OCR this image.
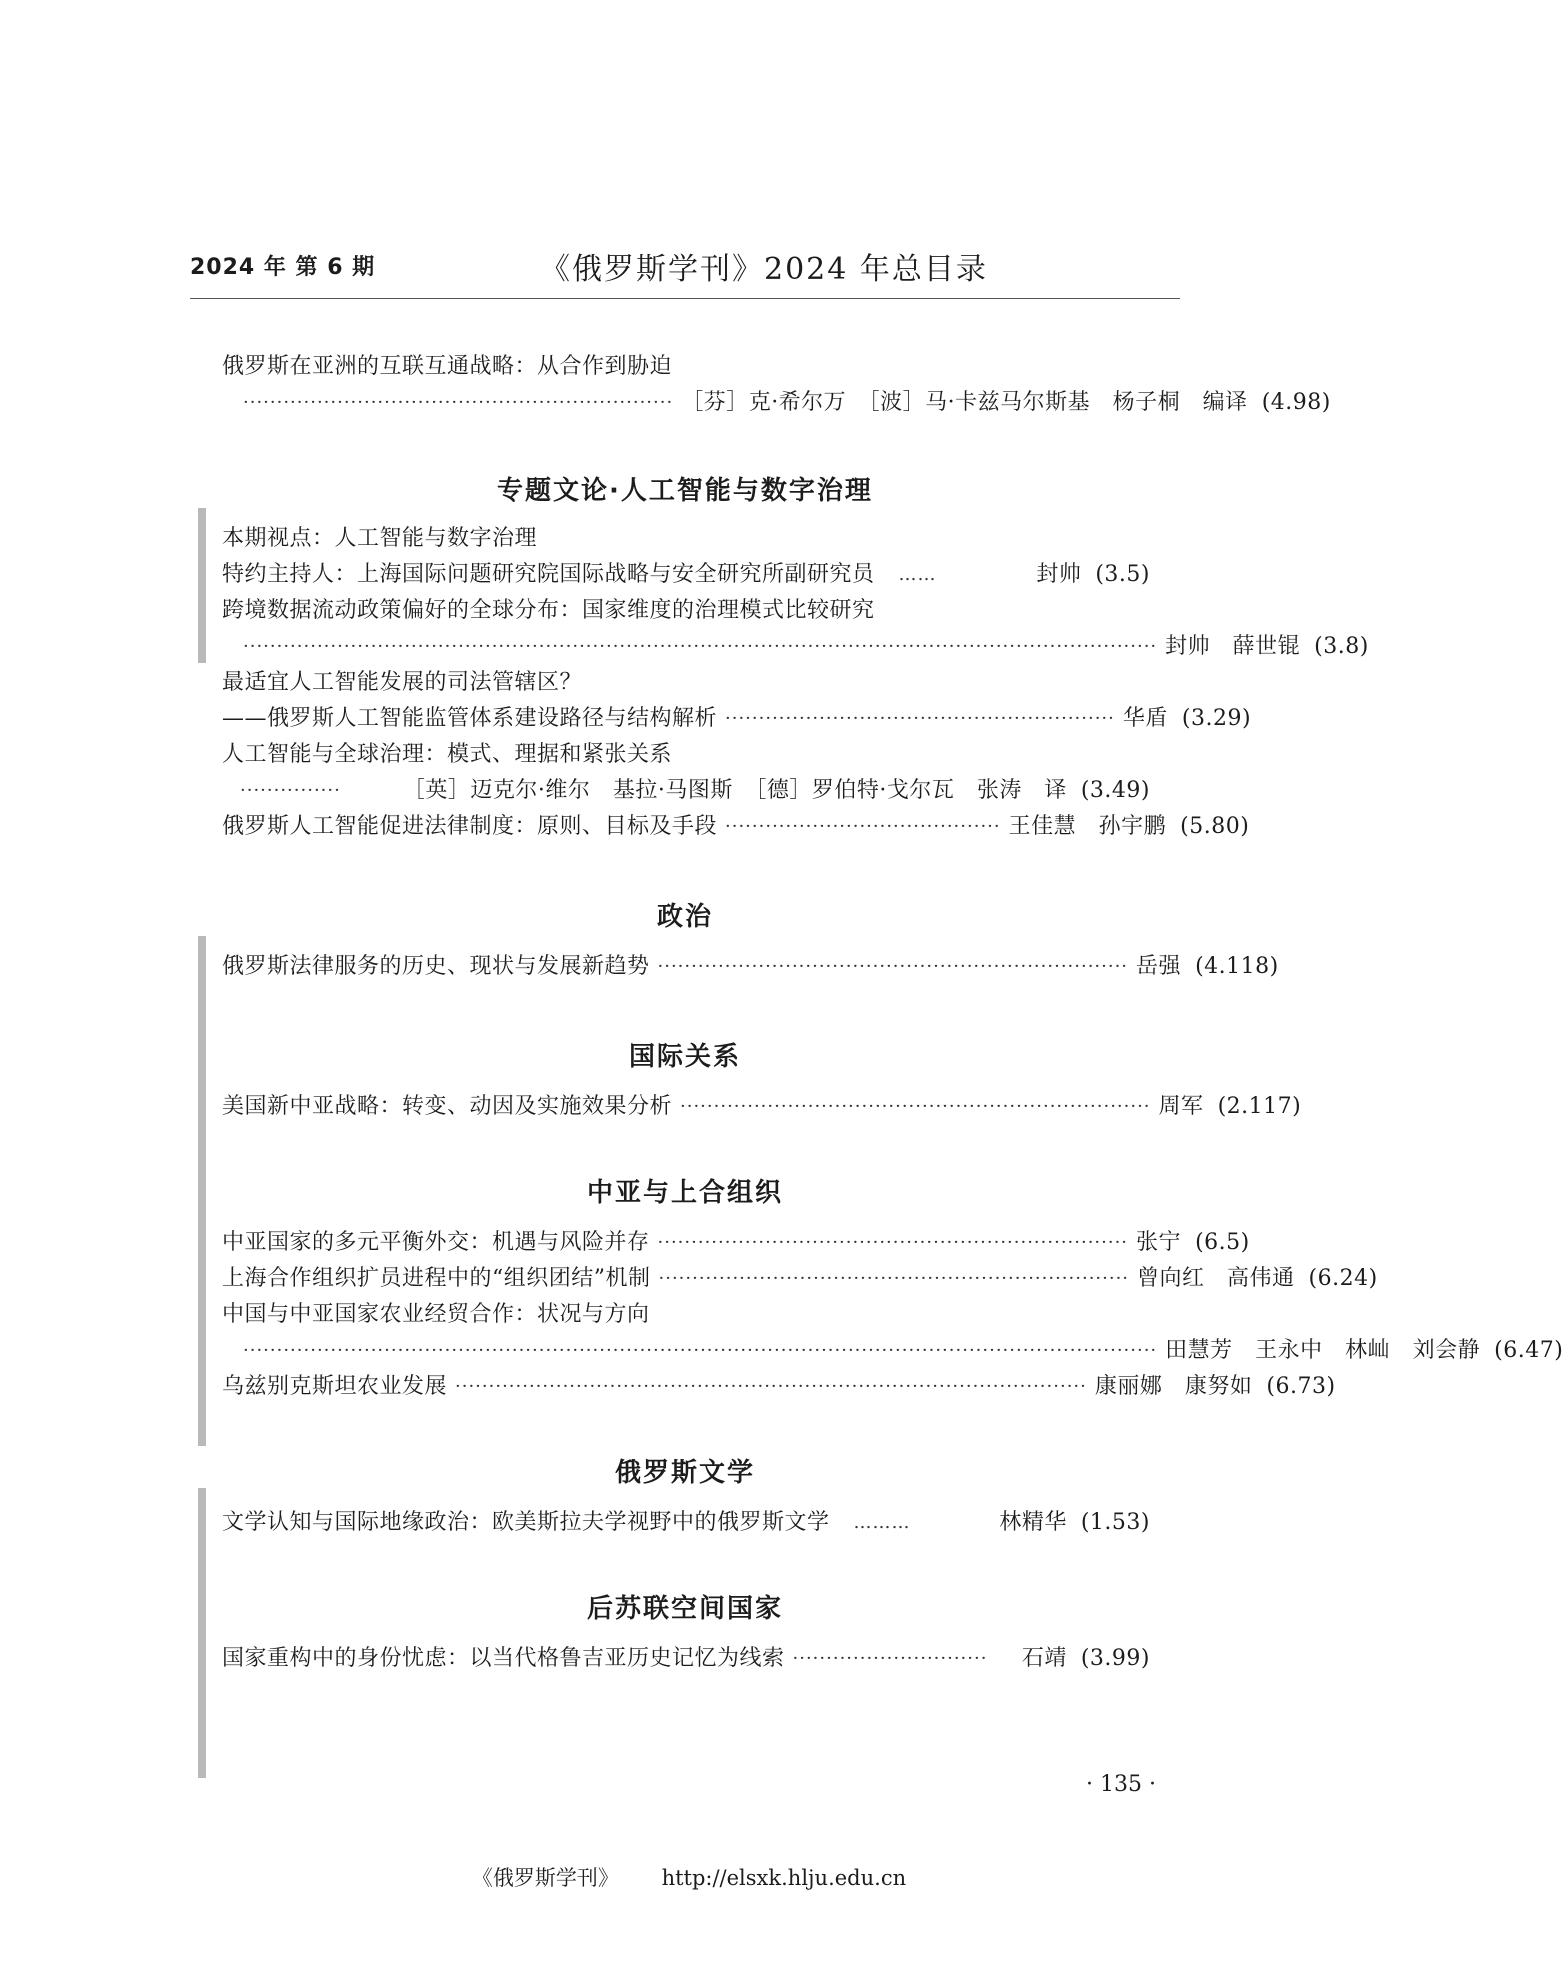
2024 年 第 6 期	《俄罗斯学刊》2024 年总目录
俄罗斯在亚洲的互联互通战略：从合作到胁迫
································································ ［芬］克·希尔万　［波］马·卡兹马尔斯基　杨子桐　编译 (4.98)
专题文论·人工智能与数字治理
本期视点：人工智能与数字治理
特约主持人：上海国际问题研究院国际战略与安全研究所副研究员 ……	封帅 (3.5)
跨境数据流动政策偏好的全球分布：国家维度的治理模式比较研究
········································································································································ 封帅　薛世锟 (3.8)
最适宜人工智能发展的司法管辖区？
——俄罗斯人工智能监管体系建设路径与结构解析 ·························································· 华盾 (3.29)
人工智能与全球治理：模式、理据和紧张关系
···············	［英］迈克尔·维尔　基拉·马图斯　［德］罗伯特·戈尔瓦　张涛　译 (3.49)
俄罗斯人工智能促进法律制度：原则、目标及手段 ········································· 王佳慧　孙宇鹏 (5.80)
政治
俄罗斯法律服务的历史、现状与发展新趋势 ······································································ 岳强 (4.118)
国际关系
美国新中亚战略：转变、动因及实施效果分析 ······································································ 周军 (2.117)
中亚与上合组织
中亚国家的多元平衡外交：机遇与风险并存 ······································································ 张宁 (6.5)
上海合作组织扩员进程中的“组织团结”机制 ······································································ 曾向红　高伟通 (6.24)
中国与中亚国家农业经贸合作：状况与方向
········································································································································ 田慧芳　王永中　林屾　刘会静 (6.47)
乌兹别克斯坦农业发展 ······························································································ 康丽娜　康努如 (6.73)
俄罗斯文学
文学认知与国际地缘政治：欧美斯拉夫学视野中的俄罗斯文学 ………	林精华 (1.53)
后苏联空间国家
国家重构中的身份忧虑：以当代格鲁吉亚历史记忆为线索 ·····························	石靖 (3.99)
· 135 ·
《俄罗斯学刊》 http://elsxk.hlju.edu.cn
